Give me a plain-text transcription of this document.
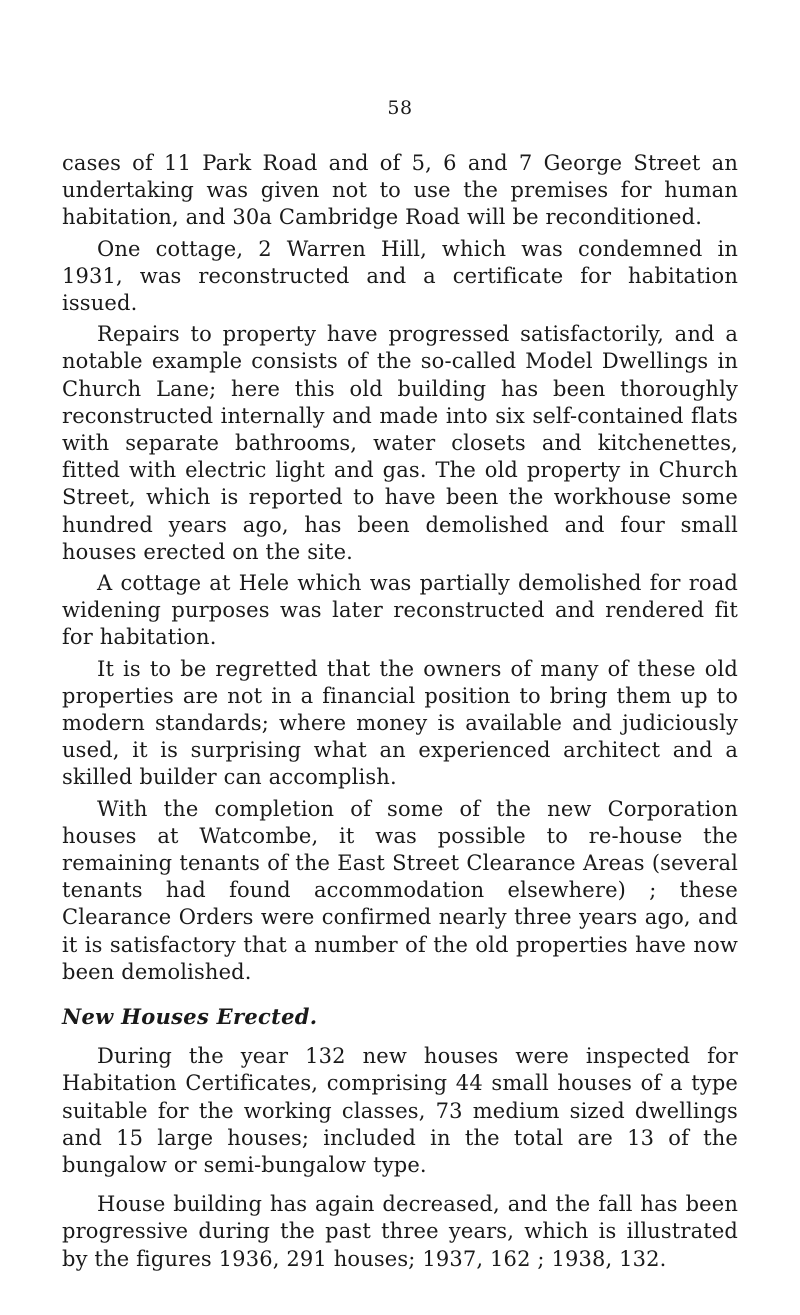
58

cases of 11 Park Road and of 5, 6 and 7 George Street an undertaking was given not to use the premises for human habitation, and 30a Cambridge Road will be reconditioned.

One cottage, 2 Warren Hill, which was condemned in 1931, was reconstructed and a certificate for habitation issued.

Repairs to property have progressed satisfactorily, and a notable example consists of the so-called Model Dwellings in Church Lane; here this old building has been thoroughly reconstructed internally and made into six self-contained flats with separate bathrooms, water closets and kitchenettes, fitted with electric light and gas. The old property in Church Street, which is reported to have been the workhouse some hundred years ago, has been demolished and four small houses erected on the site.

A cottage at Hele which was partially demolished for road widening purposes was later reconstructed and rendered fit for habitation.

It is to be regretted that the owners of many of these old properties are not in a financial position to bring them up to modern standards; where money is available and judiciously used, it is surprising what an experienced architect and a skilled builder can accomplish.

With the completion of some of the new Corporation houses at Watcombe, it was possible to re-house the remaining tenants of the East Street Clearance Areas (several tenants had found accommodation elsewhere) ; these Clearance Orders were confirmed nearly three years ago, and it is satisfactory that a number of the old properties have now been demolished.

New Houses Erected.

During the year 132 new houses were inspected for Habitation Certificates, comprising 44 small houses of a type suitable for the working classes, 73 medium sized dwellings and 15 large houses; included in the total are 13 of the bungalow or semi-bungalow type.

House building has again decreased, and the fall has been progressive during the past three years, which is illustrated by the figures 1936, 291 houses; 1937, 162 ; 1938, 132.
